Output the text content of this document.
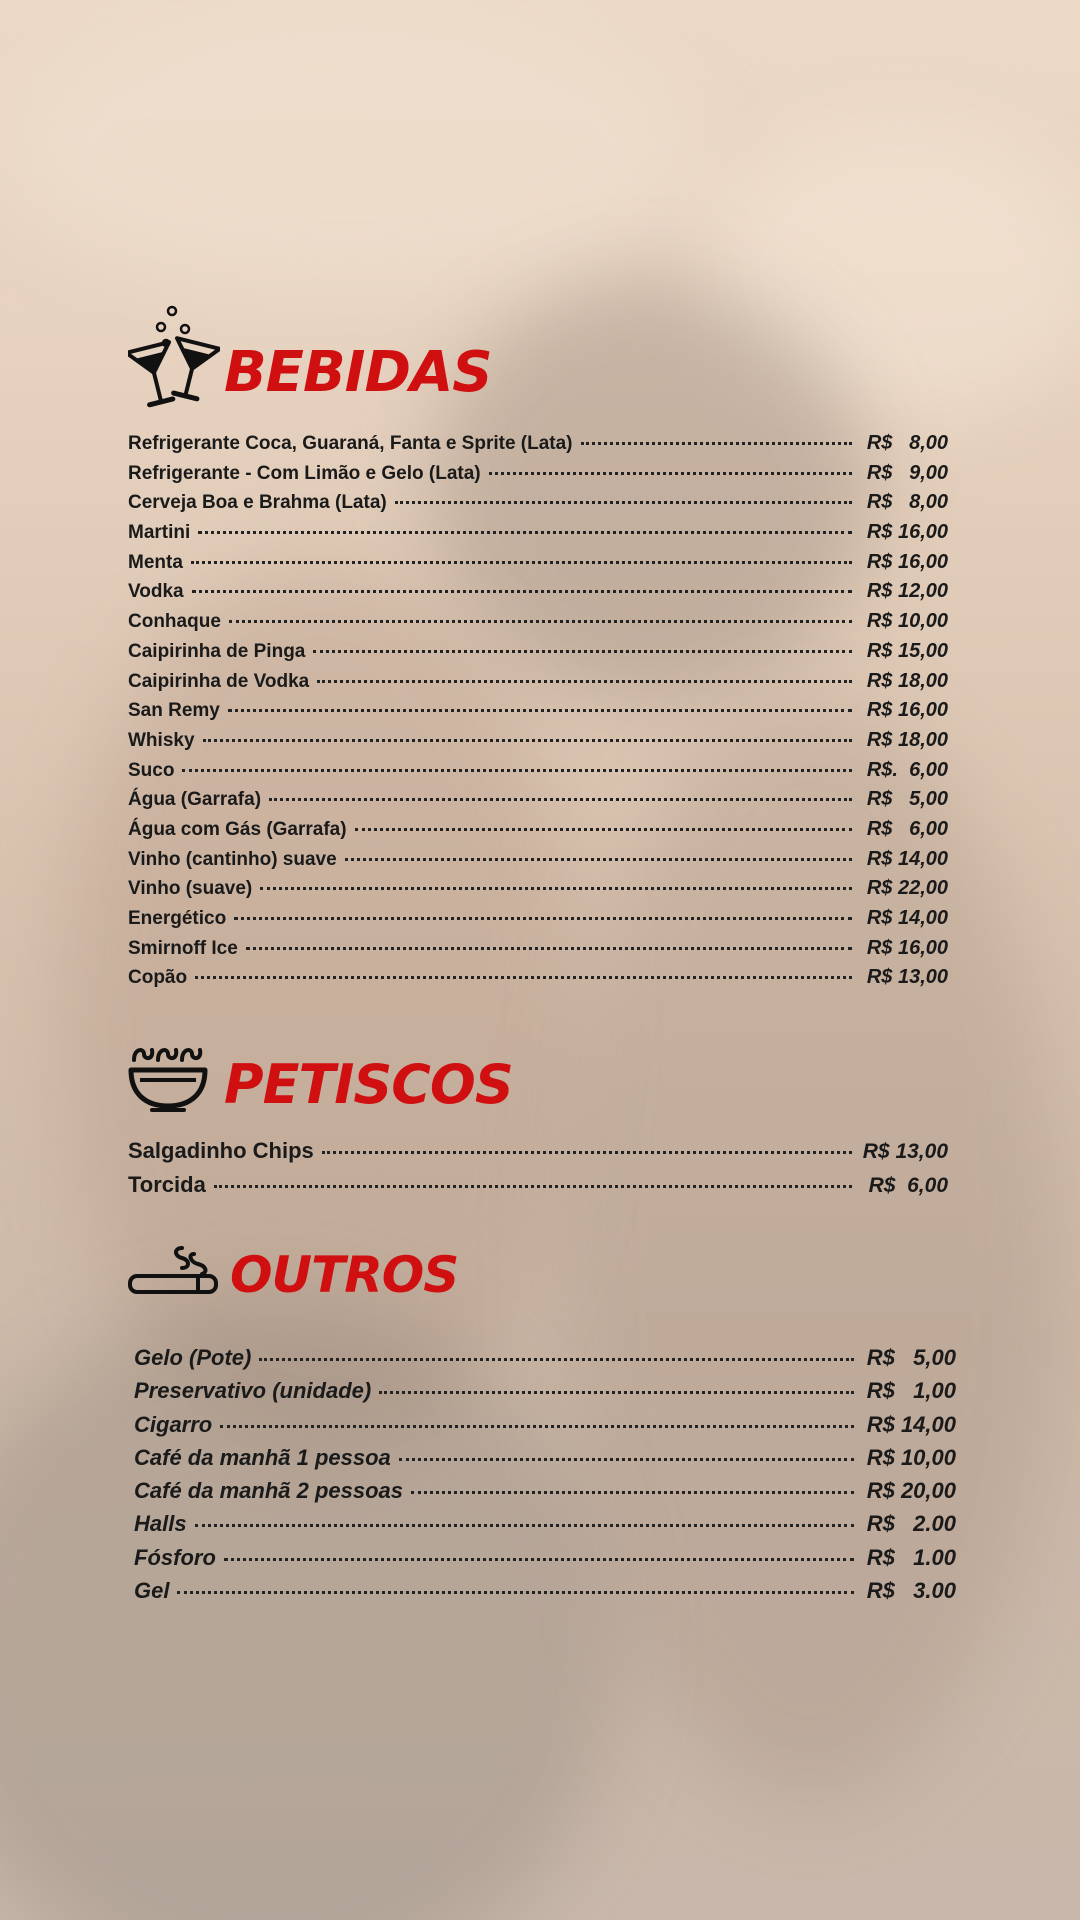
BEBIDAS
Refrigerante Coca, Guaraná, Fanta e Sprite (Lata)	R$   8,00
Refrigerante - Com Limão e Gelo (Lata)	R$   9,00
Cerveja Boa e Brahma (Lata)	R$   8,00
Martini	R$ 16,00
Menta	R$ 16,00
Vodka	R$ 12,00
Conhaque	R$ 10,00
Caipirinha de Pinga	R$ 15,00
Caipirinha de Vodka	R$ 18,00
San Remy	R$ 16,00
Whisky	R$ 18,00
Suco	R$.  6,00
Água (Garrafa)	R$   5,00
Água com Gás (Garrafa)	R$   6,00
Vinho (cantinho) suave	R$ 14,00
Vinho (suave)	R$ 22,00
Energético	R$ 14,00
Smirnoff Ice	R$ 16,00
Copão	R$ 13,00
PETISCOS
Salgadinho Chips	R$ 13,00
Torcida	R$  6,00
OUTROS
Gelo (Pote)	R$   5,00
Preservativo (unidade)	R$   1,00
Cigarro	R$ 14,00
Café da manhã 1 pessoa	R$ 10,00
Café da manhã 2 pessoas	R$ 20,00
Halls	R$   2.00
Fósforo	R$   1.00
Gel	R$   3.00
